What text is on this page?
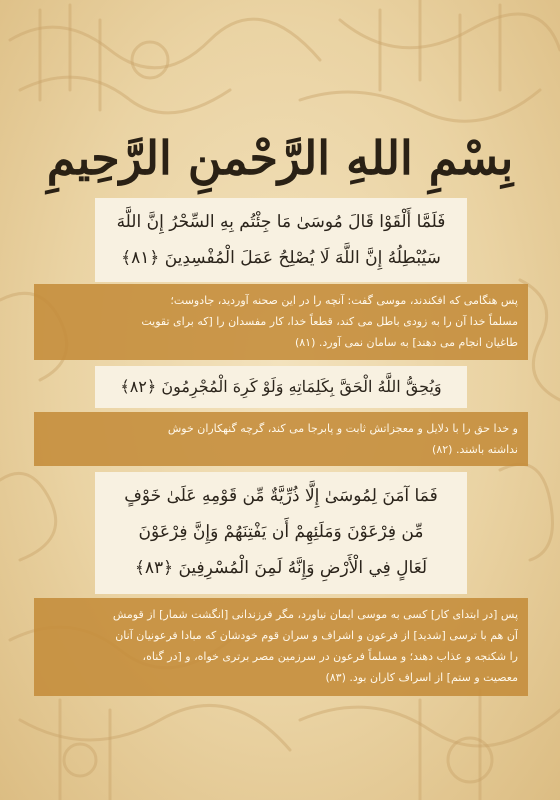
بِسْمِ اللهِ الرَّحْمنِ الرَّحِيمِ
فَلَمَّا أَلْقَوْا قَالَ مُوسَىٰ مَا جِئْتُم بِهِ السِّحْرُ إِنَّ اللَّهَ
سَيُبْطِلُهُ إِنَّ اللَّهَ لَا يُصْلِحُ عَمَلَ الْمُفْسِدِينَ ﴿٨١﴾
پس هنگامی که افکندند، موسی گفت: آنچه را در این صحنه آوردید، جادوست؛
مسلماً خدا آن را به زودی باطل می کند، قطعاً خدا، کار مفسدان را [که برای تقویت
طاغیان انجام می دهند] به سامان نمی آورد. (۸۱)
وَيُحِقُّ اللَّهُ الْحَقَّ بِكَلِمَاتِهِ وَلَوْ كَرِهَ الْمُجْرِمُونَ ﴿٨٢﴾
و خدا حق را با دلایل و معجزاتش ثابت و پابرجا می کند، گرچه گنهکاران خوش
نداشته باشند. (۸۲)
فَمَا آمَنَ لِمُوسَىٰ إِلَّا ذُرِّيَّةٌ مِّن قَوْمِهِ عَلَىٰ خَوْفٍ
مِّن فِرْعَوْنَ وَمَلَئِهِمْ أَن يَفْتِنَهُمْ وَإِنَّ فِرْعَوْنَ
لَعَالٍ فِي الْأَرْضِ وَإِنَّهُ لَمِنَ الْمُسْرِفِينَ ﴿٨٣﴾
پس [در ابتدای کار] کسی به موسی ایمان نیاورد، مگر فرزندانی [انگشت شمار] از قومش
آن هم با ترسی [شدید] از فرعون و اشراف و سران قوم خودشان که مبادا فرعونیان آنان
را شکنجه و عذاب دهند؛ و مسلماً فرعون در سرزمین مصر برتری خواه، و [در گناه،
معصیت و ستم] از اسراف کاران بود. (۸۳)
